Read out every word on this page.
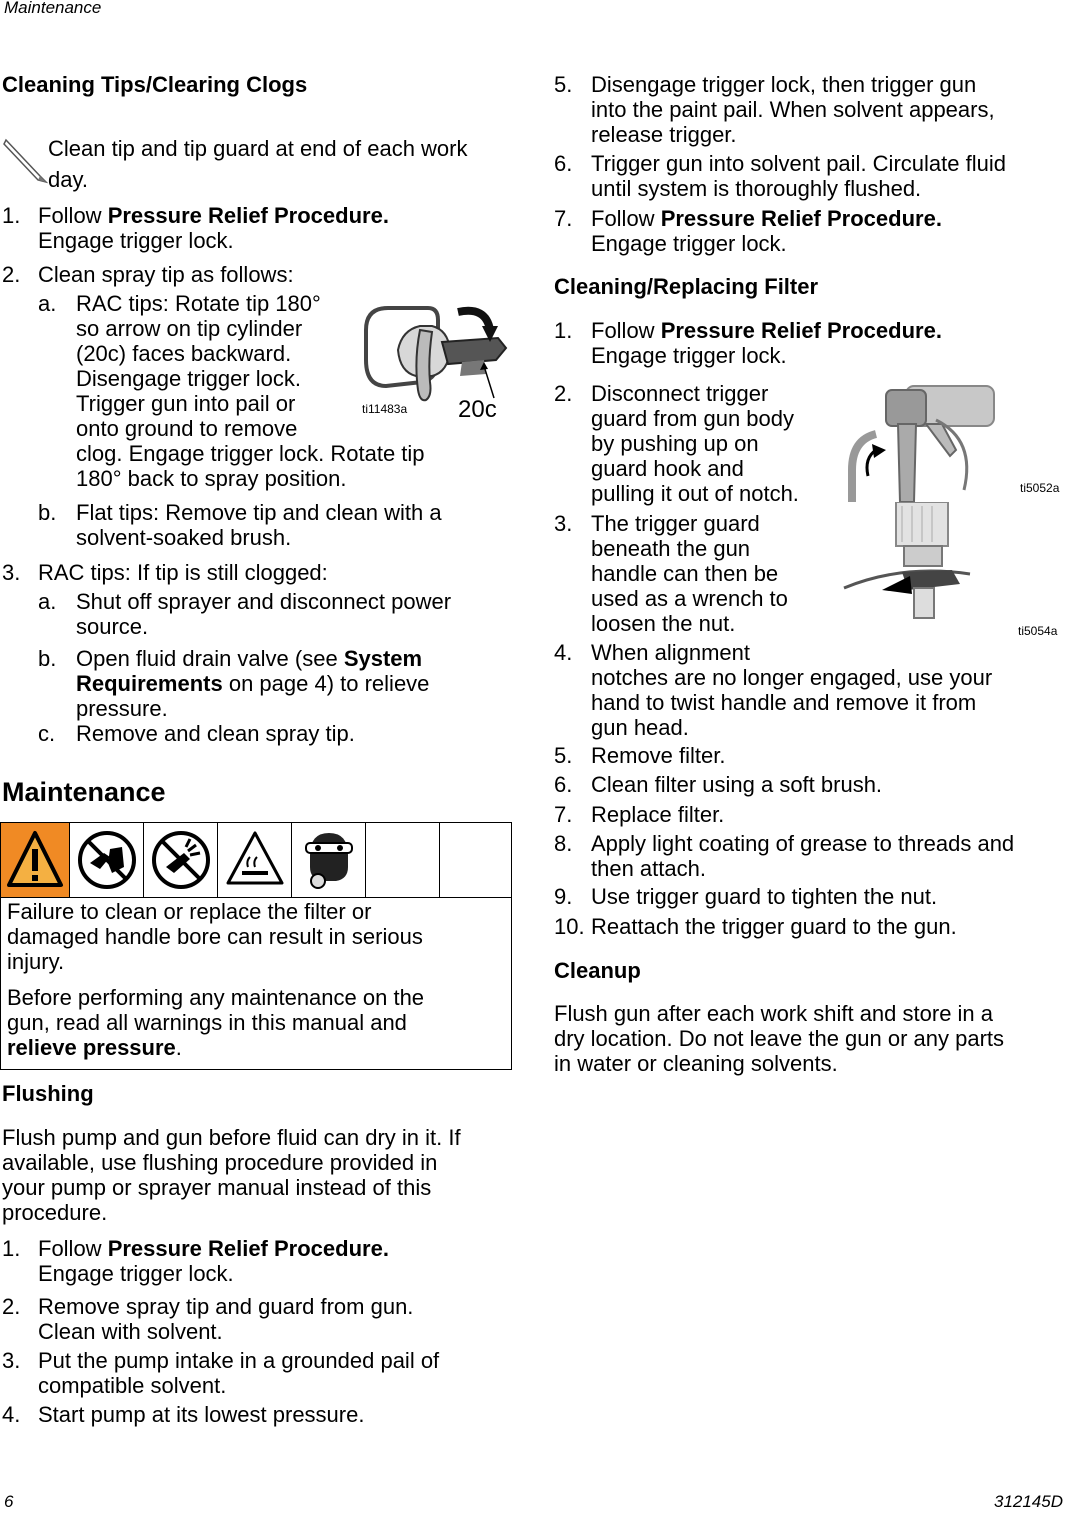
Maintenance
6	312145D
Cleaning Tips/Clearing Clogs
Clean tip and tip guard at end of each work
day.
1. Follow Pressure Relief Procedure.
Engage trigger lock.
2. Clean spray tip as follows:
a. RAC tips: Rotate tip 180°
so arrow on tip cylinder
(20c) faces backward.
Disengage trigger lock.
Trigger gun into pail or
onto ground to remove
clog. Engage trigger lock. Rotate tip
180° back to spray position.
ti11483a 20c
b. Flat tips: Remove tip and clean with a
solvent-soaked brush.
3. RAC tips: If tip is still clogged:
a. Shut off sprayer and disconnect power
source.
b. Open fluid drain valve (see System
Requirements on page 4) to relieve
pressure.
c. Remove and clean spray tip.
Maintenance
Failure to clean or replace the filter or
damaged handle bore can result in serious
injury.
Before performing any maintenance on the
gun, read all warnings in this manual and
relieve pressure.
Flushing
Flush pump and gun before fluid can dry in it. If
available, use flushing procedure provided in
your pump or sprayer manual instead of this
procedure.
1. Follow Pressure Relief Procedure.
Engage trigger lock.
2. Remove spray tip and guard from gun.
Clean with solvent.
3. Put the pump intake in a grounded pail of
compatible solvent.
4. Start pump at its lowest pressure.
5. Disengage trigger lock, then trigger gun
into the paint pail. When solvent appears,
release trigger.
6. Trigger gun into solvent pail. Circulate fluid
until system is thoroughly flushed.
7. Follow Pressure Relief Procedure.
Engage trigger lock.
Cleaning/Replacing Filter
1. Follow Pressure Relief Procedure.
Engage trigger lock.
2. Disconnect trigger
guard from gun body
by pushing up on
guard hook and
pulling it out of notch.	ti5052a
3. The trigger guard
beneath the gun
handle can then be
used as a wrench to
loosen the nut.	ti5054a
4. When alignment
notches are no longer engaged, use your
hand to twist handle and remove it from
gun head.
5. Remove filter.
6. Clean filter using a soft brush.
7. Replace filter.
8. Apply light coating of grease to threads and
then attach.
9. Use trigger guard to tighten the nut.
10. Reattach the trigger guard to the gun.
Cleanup
Flush gun after each work shift and store in a
dry location. Do not leave the gun or any parts
in water or cleaning solvents.
